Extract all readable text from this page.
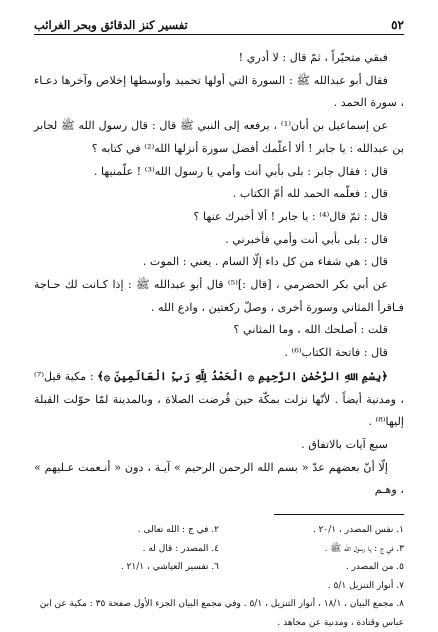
٥٢
تفسير كنز الدقائق وبحر الغرائب

فبقي متحيّراً ، ثمّ قال : لا أدري !

فقال أبو عبدالله ﷺ : السورة التي أولها تحميد وأوسطها إخلاص وآخرها دعـاء ، سورة الحمد .

عن إسماعيل بن أبان⁽¹⁾ ، يرفعه إلى النبي ﷺ قال : قال رسول الله ﷺ لجابر بن عبدالله : يا جابر ! ألا أعلّمك أفضل سورة أنزلها الله⁽²⁾ في كتابه ؟

قال : فقال جابر : بلى بأبي أنت وأمي يا رسول الله⁽³⁾ ! علّمنيها .

قال : فعلّمه الحمد لله أمّ الكتاب .

قال : ثمّ قال⁽⁴⁾ : يا جابر ! ألا أخبرك عنها ؟

قال : بلى بأبي أنت وأمي فأخبرني .

قال : هي شفاء من كل داء إلّا السام . يعني : الموت .

عن أبي بكر الحضرمي ، [قال :]⁽⁵⁾ قال أبو عبدالله ﷺ : إذا كـانت لك حـاجة فـاقرأ المثاني وسورة أخرى ، وصلّ ركعتين ، وادع الله .

قلت : أصلحك الله ، وما المثاني ؟

قال : فاتحة الكتاب⁽⁶⁾ .

﴿بِسْمِ اللهِ الرَّحْمٰنِ الرَّحِيمِ ۞ الْحَمْدُ لِلَّهِ رَبِّ الْعَالَمِينَ ۞﴾ : مكية قيل⁽⁷⁾ ، ومدنية أيضاً . لأنّها نزلت بمكّة حين فُرضت الصلاة ، وبالمدينة لمّا حوّلت القبلة إليها⁽⁸⁾ .

سبع آيات بالاتفاق .

إلّا أنّ بعضهم عدّ « بسم الله الرحمن الرحيم » آيـة ، دون « أنـعمت عـليهم » ، وهـم

١. نفس المصدر ، ٢٠/١ .
٢. في ج : الله تعالى .
٣. في ج : يا رسول الله ﷺ .
٤. المصدر : قال له .
٥. من المصدر .
٦. تفسير العياشي ، ٢١/١ .
٧. أنوار التنزيل ٥/١ .
٨. مجمع البيان ، ١٨/١ ، أنوار التنزيل ، ٥/١ . وفي مجمع البيان الجزء الأول صفحة ٣٥ : مكية عن ابن عباس وقتادة ، ومدنية عن مجاهد .
